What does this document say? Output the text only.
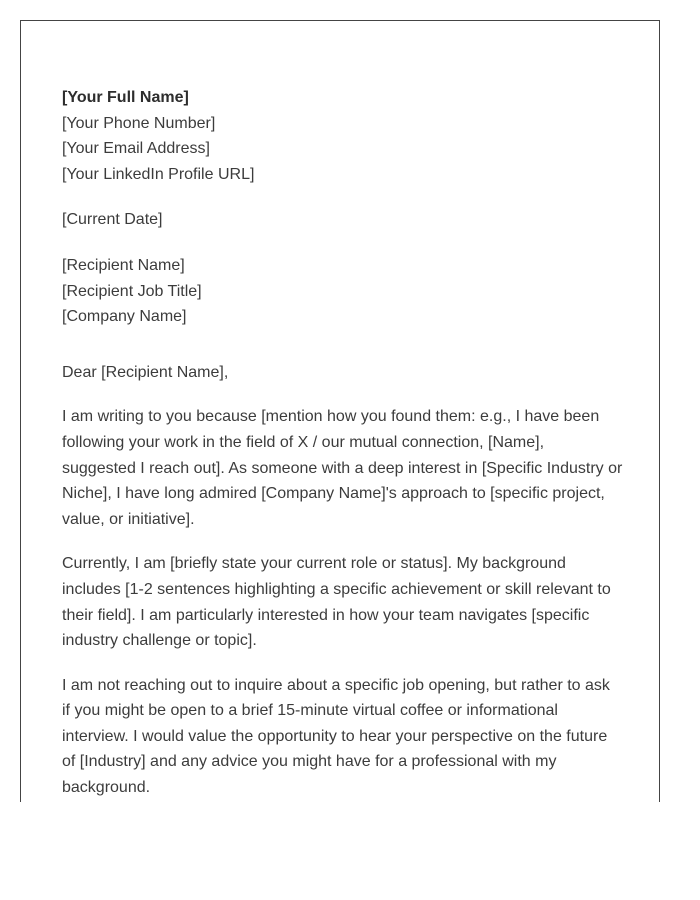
[Your Full Name]
[Your Phone Number]
[Your Email Address]
[Your LinkedIn Profile URL]
[Current Date]
[Recipient Name]
[Recipient Job Title]
[Company Name]
Dear [Recipient Name],
I am writing to you because [mention how you found them: e.g., I have been
following your work in the field of X / our mutual connection, [Name],
suggested I reach out]. As someone with a deep interest in [Specific Industry or
Niche], I have long admired [Company Name]'s approach to [specific project,
value, or initiative].
Currently, I am [briefly state your current role or status]. My background
includes [1-2 sentences highlighting a specific achievement or skill relevant to
their field]. I am particularly interested in how your team navigates [specific
industry challenge or topic].
I am not reaching out to inquire about a specific job opening, but rather to ask
if you might be open to a brief 15-minute virtual coffee or informational
interview. I would value the opportunity to hear your perspective on the future
of [Industry] and any advice you might have for a professional with my
background.
